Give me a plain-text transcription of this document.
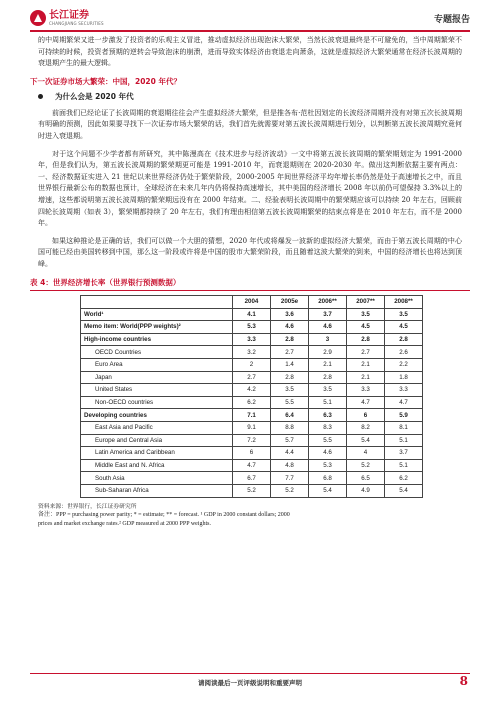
长江证券
CHANGJIANG SECURITIES	专题报告

的中周期繁荣又进一步激发了投资者的乐观主义冒进，推动虚拟经济出现泡沫大繁荣，当然长波衰退最终是不可避免的，当中周期繁荣不可持续的时候，投资者预期的逆转会导致泡沫的崩溃，进而导致实体经济由衰退走向萧条，这就是虚拟经济大繁荣通常在经济长波周期的衰退期产生的最大逻辑。

下一次证券市场大繁荣：中国，2020 年代？
为什么会是 2020 年代

前面我们已经论证了长波周期的衰退期往往会产生虚拟经济大繁荣，但是推各布·范杜因划定的长波经济周期并没有对第五次长波周期有明确的预测，因此如果要寻找下一次证券市场大繁荣的话，我们首先就需要对第五波长波周期进行划分，以判断第五波长波周期究竟何时进入衰退期。

对于这个问题不少学者都有所研究，其中陈漫高在《技术进步与经济波动》一文中将第五波长波周期的繁荣期划定为 1991-2000 年，但是我们认为，第五波长波周期的繁荣期更可能是 1991-2010 年，而衰退期则在 2020-2030 年。做出这判断依据主要有两点：一、经济数据证实进入 21 世纪以来世界经济仍处于繁荣阶段，2000-2005 年间世界经济平均年增长率仍然是处于高速增长之中，而且世界银行最新公布的数据也预计，全球经济在未来几年内仍将保持高速增长，其中美国的经济增长 2008 年以前仍可望保持 3.3%以上的增速，这些都说明第五波长波周期的繁荣期远没有在 2000 年结束。二、经验表明长波周期中的繁荣期应该可以持续 20 年左右，回顾前四轮长波周期（如表 3），繁荣期都持续了 20 年左右，我们有理由相信第五波长波周期繁荣的结束点将是在 2010 年左右，而不是 2000 年。

如果这种推论是正确的话，我们可以做一个大胆的猜想，2020 年代或将爆发一波新的虚拟经济大繁荣，而由于第五波长周期的中心国可能已经由美国转移到中国，那么这一阶段或许将是中国的股市大繁荣阶段，而且随着这波大繁荣的到来，中国的经济增长也将达到顶峰。

表 4：世界经济增长率（世界银行预测数据）
	2004	2005e	2006**	2007**	2008**
World¹	4.1	3.6	3.7	3.5	3.5
Memo item: World(PPP weights)²	5.3	4.6	4.6	4.5	4.5
High-income countries	3.3	2.8	3	2.8	2.8
OECD Countries	3.2	2.7	2.9	2.7	2.6
Euro Area	2	1.4	2.1	2.1	2.2
Japan	2.7	2.8	2.8	2.1	1.8
United States	4.2	3.5	3.5	3.3	3.3
Non-OECD countries	6.2	5.5	5.1	4.7	4.7
Developing countries	7.1	6.4	6.3	6	5.9
East Asia and Pacific	9.1	8.8	8.3	8.2	8.1
Europe and Central Asia	7.2	5.7	5.5	5.4	5.1
Latin America and Caribbean	6	4.4	4.6	4	3.7
Middle East and N. Africa	4.7	4.8	5.3	5.2	5.1
South Asia	6.7	7.7	6.8	6.5	6.2
Sub-Saharan Africa	5.2	5.2	5.4	4.9	5.4
资料来源：世界银行，长江证券研究所
备注：PPP = purchasing power parity; * = estimate; ** = forecast. ¹ GDP in 2000 constant dollars; 2000
prices and market exchange rates.² GDP measured at 2000 PPP weights.
请阅读最后一页评级说明和重要声明	8
